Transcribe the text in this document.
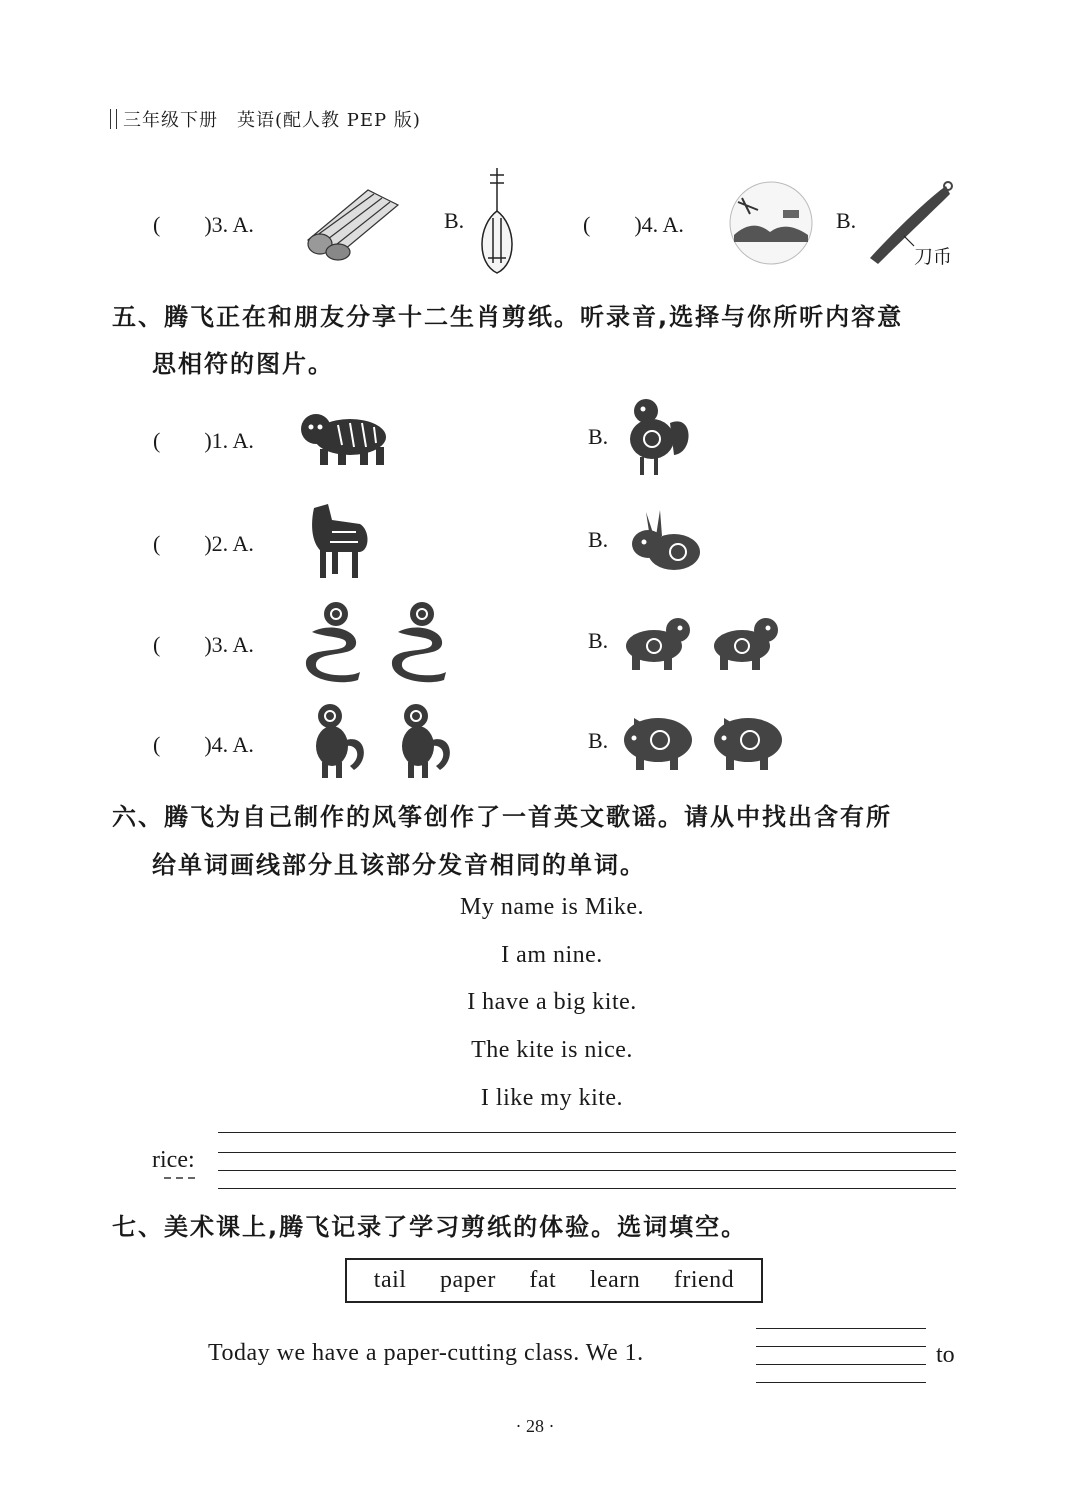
三年级下册　英语(配人教 PEP 版)
(　　)3. A.	B.	(　　)4. A.	B.
刀币
五、腾飞正在和朋友分享十二生肖剪纸。听录音,选择与你所听内容意
思相符的图片。
(　　)1. A.	B.
(　　)2. A.	B.
(　　)3. A.	B.
(　　)4. A.	B.
六、腾飞为自己制作的风筝创作了一首英文歌谣。请从中找出含有所
给单词画线部分且该部分发音相同的单词。
My name is Mike.
I am nine.
I have a big kite.
The kite is nice.
I like my kite.
rice:
七、美术课上,腾飞记录了学习剪纸的体验。选词填空。
tail paper fat learn friend
Today we have a paper-cutting class. We 1.	to
· 28 ·
